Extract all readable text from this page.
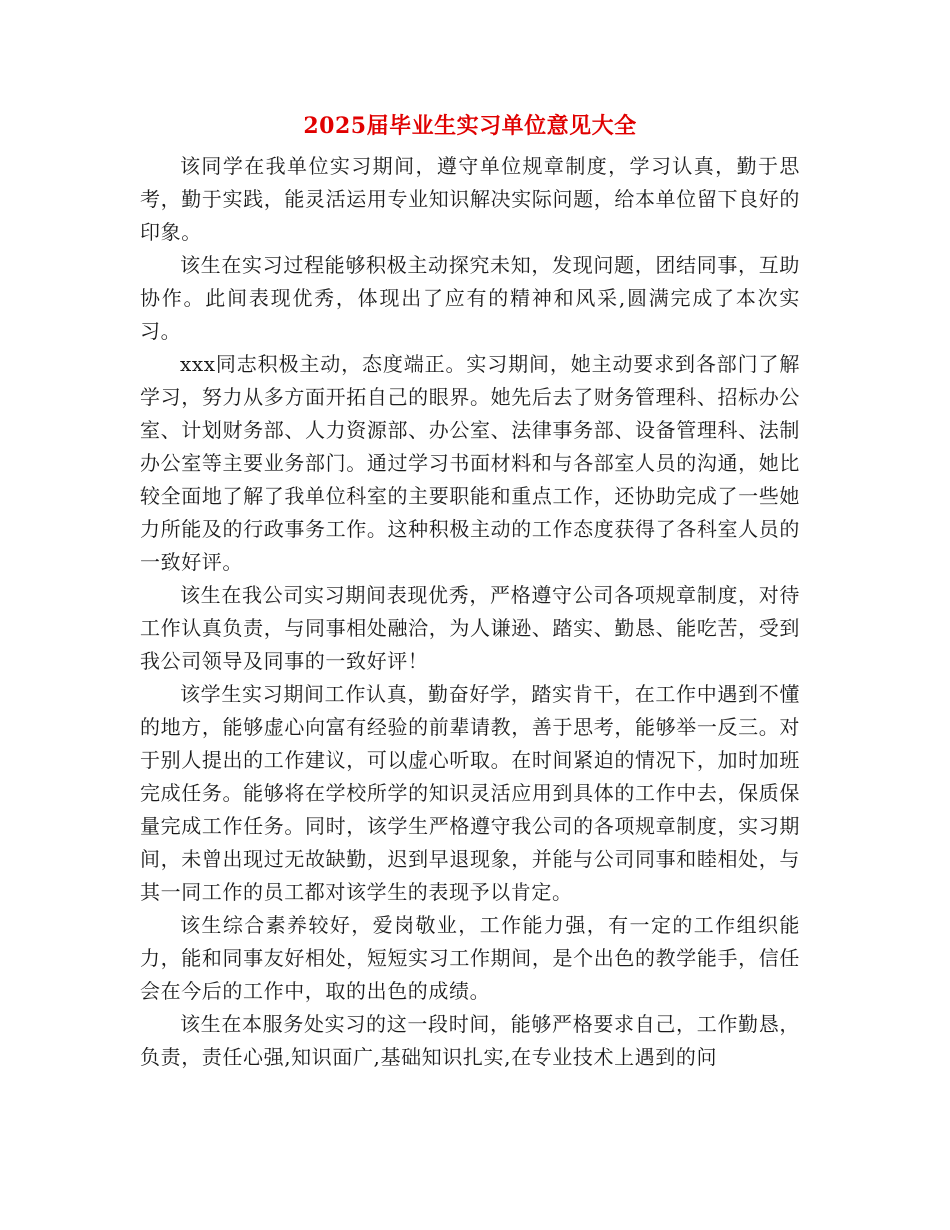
2025届毕业生实习单位意见大全

该同学在我单位实习期间，遵守单位规章制度，学习认真，勤于思考，勤于实践，能灵活运用专业知识解决实际问题，给本单位留下良好的印象。

该生在实习过程能够积极主动探究未知，发现问题，团结同事，互助协作。此间表现优秀，体现出了应有的精神和风采,圆满完成了本次实习。

xxx同志积极主动，态度端正。实习期间，她主动要求到各部门了解学习，努力从多方面开拓自己的眼界。她先后去了财务管理科、招标办公室、计划财务部、人力资源部、办公室、法律事务部、设备管理科、法制办公室等主要业务部门。通过学习书面材料和与各部室人员的沟通，她比较全面地了解了我单位科室的主要职能和重点工作，还协助完成了一些她力所能及的行政事务工作。这种积极主动的工作态度获得了各科室人员的一致好评。

该生在我公司实习期间表现优秀，严格遵守公司各项规章制度，对待工作认真负责，与同事相处融洽，为人谦逊、踏实、勤恳、能吃苦，受到我公司领导及同事的一致好评！

该学生实习期间工作认真，勤奋好学，踏实肯干，在工作中遇到不懂的地方，能够虚心向富有经验的前辈请教，善于思考，能够举一反三。对于别人提出的工作建议，可以虚心听取。在时间紧迫的情况下，加时加班完成任务。能够将在学校所学的知识灵活应用到具体的工作中去，保质保量完成工作任务。同时，该学生严格遵守我公司的各项规章制度，实习期间，未曾出现过无故缺勤，迟到早退现象，并能与公司同事和睦相处，与其一同工作的员工都对该学生的表现予以肯定。

该生综合素养较好，爱岗敬业，工作能力强，有一定的工作组织能力，能和同事友好相处，短短实习工作期间，是个出色的教学能手，信任会在今后的工作中，取的出色的成绩。

该生在本服务处实习的这一段时间，能够严格要求自己，工作勤恳，负责，责任心强,知识面广,基础知识扎实,在专业技术上遇到的问
